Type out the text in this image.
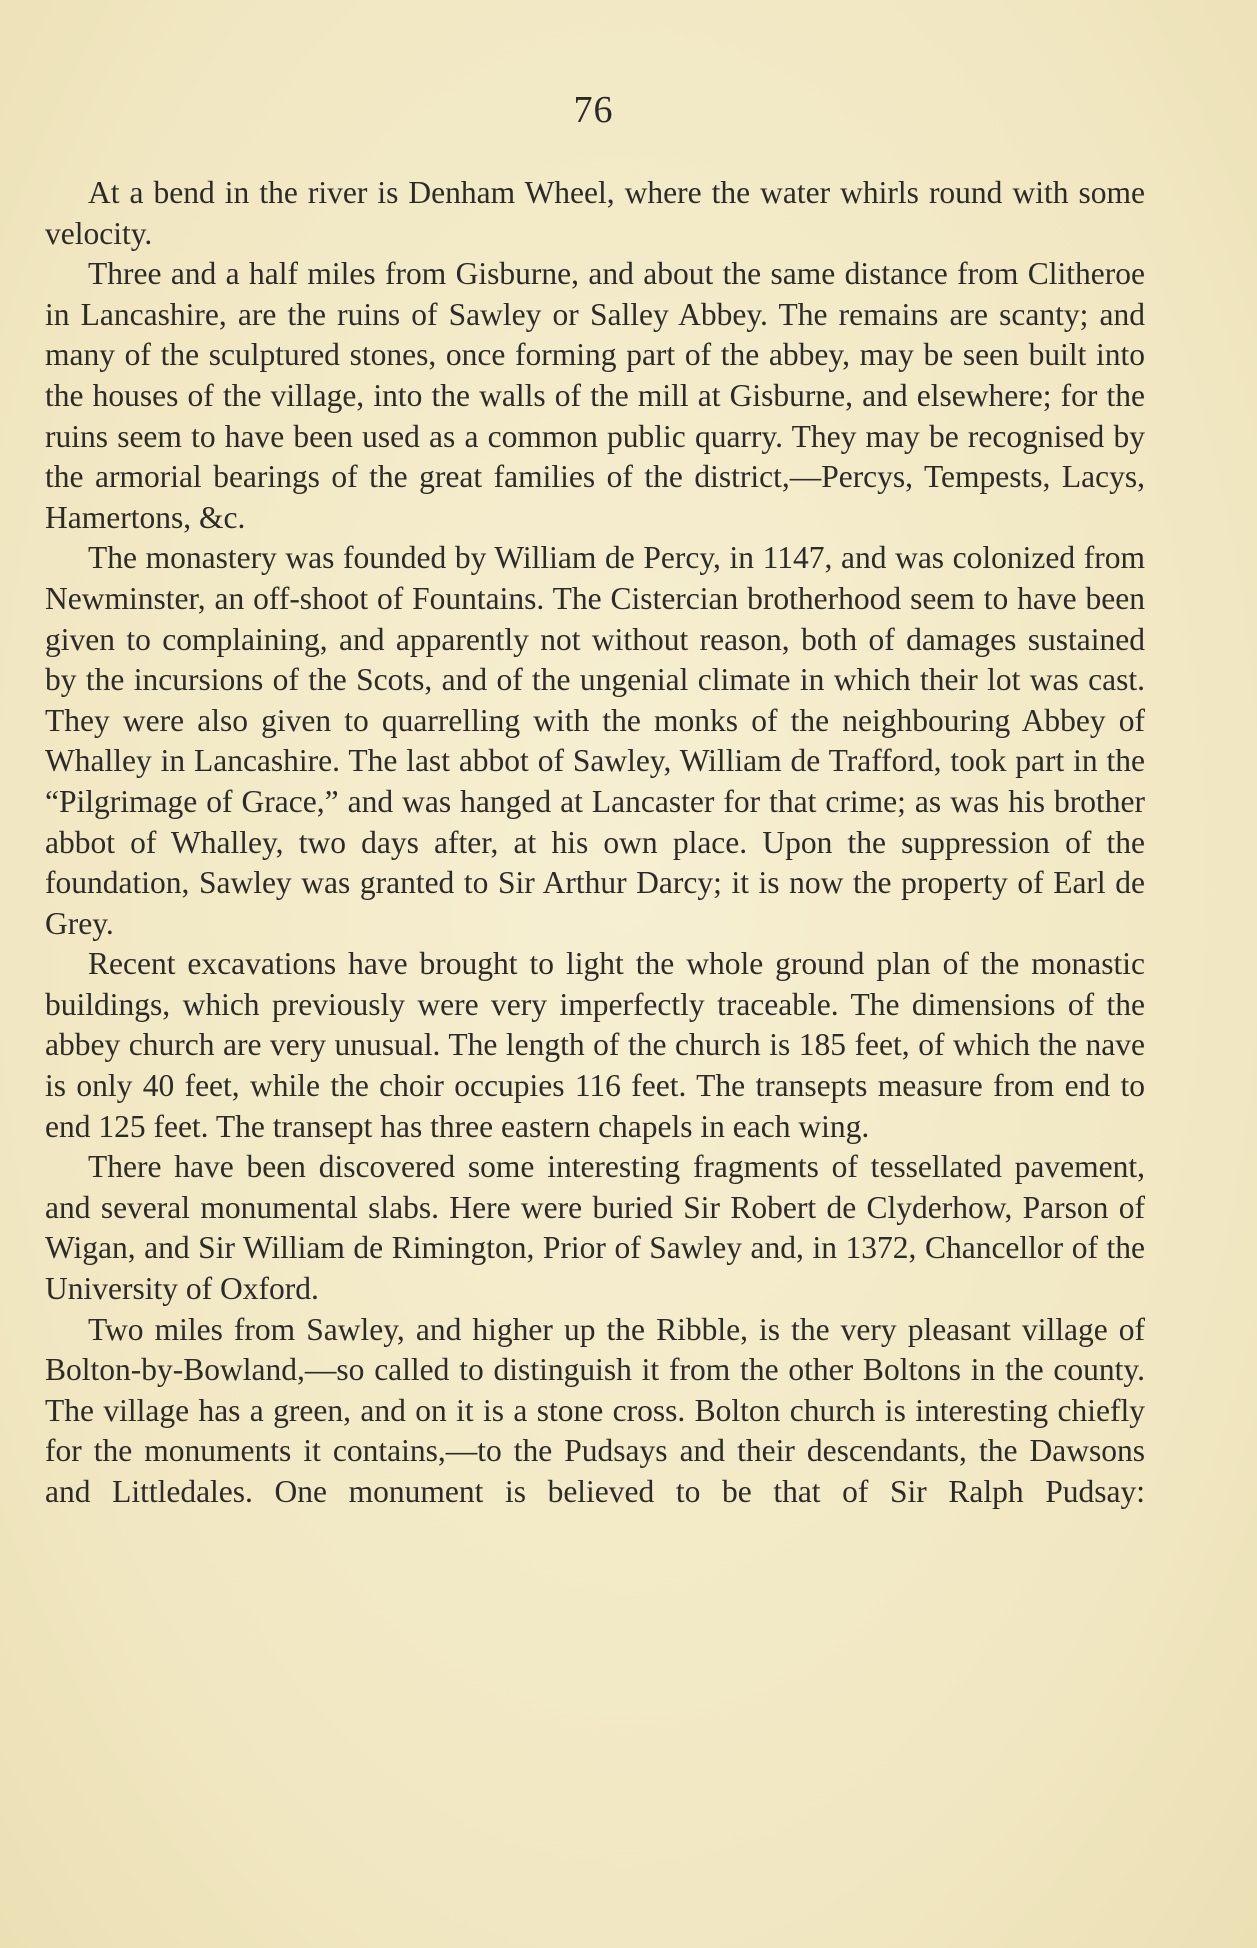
76

At a bend in the river is Denham Wheel, where the water whirls round with some velocity.

Three and a half miles from Gisburne, and about the same distance from Clitheroe in Lancashire, are the ruins of Sawley or Salley Abbey. The remains are scanty; and many of the sculptured stones, once forming part of the abbey, may be seen built into the houses of the village, into the walls of the mill at Gisburne, and elsewhere; for the ruins seem to have been used as a common public quarry. They may be recognised by the armorial bearings of the great families of the district,—Percys, Tempests, Lacys, Hamertons, &c.

The monastery was founded by William de Percy, in 1147, and was colonized from Newminster, an off-shoot of Fountains. The Cistercian brotherhood seem to have been given to complaining, and apparently not without reason, both of damages sustained by the incursions of the Scots, and of the ungenial climate in which their lot was cast. They were also given to quarrelling with the monks of the neighbouring Abbey of Whalley in Lancashire. The last abbot of Sawley, William de Trafford, took part in the “Pilgrimage of Grace,” and was hanged at Lancaster for that crime; as was his brother abbot of Whalley, two days after, at his own place. Upon the suppression of the foundation, Sawley was granted to Sir Arthur Darcy; it is now the property of Earl de Grey.

Recent excavations have brought to light the whole ground plan of the monastic buildings, which previously were very imperfectly traceable. The dimensions of the abbey church are very unusual. The length of the church is 185 feet, of which the nave is only 40 feet, while the choir occupies 116 feet. The transepts measure from end to end 125 feet. The transept has three eastern chapels in each wing.

There have been discovered some interesting fragments of tessellated pavement, and several monumental slabs. Here were buried Sir Robert de Clyderhow, Parson of Wigan, and Sir William de Rimington, Prior of Sawley and, in 1372, Chancellor of the University of Oxford.

Two miles from Sawley, and higher up the Ribble, is the very pleasant village of Bolton-by-Bowland,—so called to distinguish it from the other Boltons in the county. The village has a green, and on it is a stone cross. Bolton church is interesting chiefly for the monuments it contains,—to the Pudsays and their descendants, the Dawsons and Littledales. One monument is believed to be that of Sir Ralph Pudsay:
